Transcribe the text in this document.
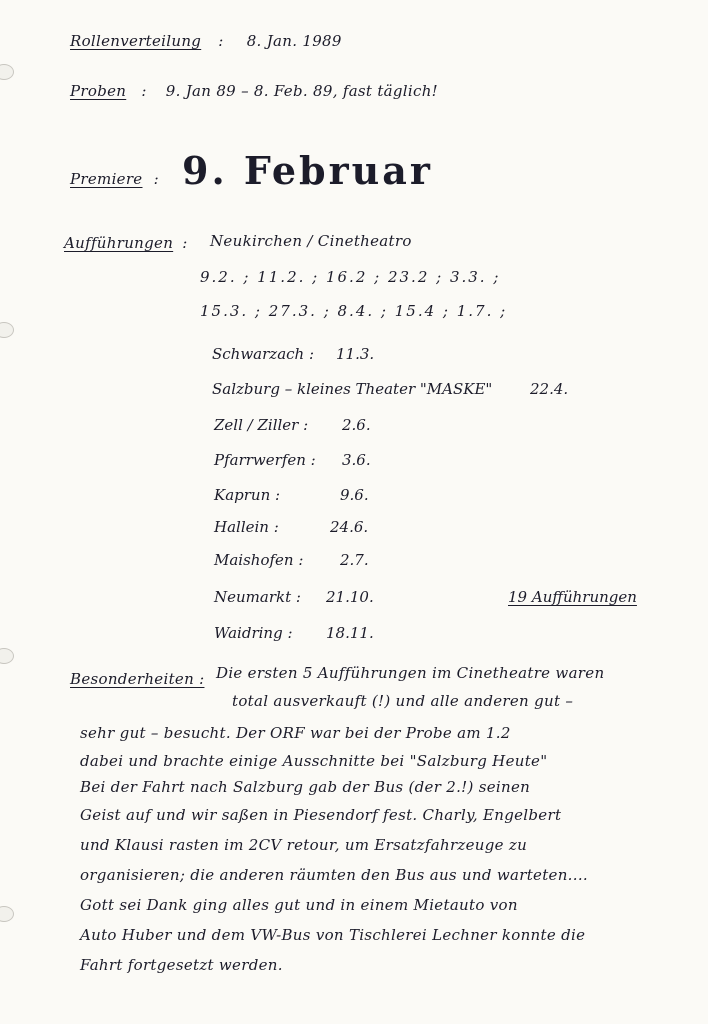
Rollenverteilung : 8. Jan. 1989
Proben : 9. Jan 89 – 8. Feb. 89, fast täglich!
Premiere : 9. Februar
Aufführungen : Neukirchen / Cinetheatro
9.2. ; 11.2. ; 16.2 ; 23.2 ; 3.3. ;
15.3. ; 27.3. ; 8.4. ; 15.4 ; 1.7. ;
Schwarzach : 11.3.
Salzburg – kleines Theater "MASKE"	22.4.
Zell / Ziller : 2.6.
Pfarrwerfen : 3.6.
Kaprun :	9.6.
Hallein :	24.6.
Maishofen : 2.7.
Neumarkt : 21.10.	19 Aufführungen
Waidring : 18.11.
Besonderheiten : Die ersten 5 Aufführungen im Cinetheatre waren
total ausverkauft (!) und alle anderen gut –
sehr gut – besucht. Der ORF war bei der Probe am 1.2
dabei und brachte einige Ausschnitte bei "Salzburg Heute"
Bei der Fahrt nach Salzburg gab der Bus (der 2.!) seinen
Geist auf und wir saßen in Piesendorf fest. Charly, Engelbert
und Klausi rasten im 2CV retour, um Ersatzfahrzeuge zu
organisieren; die anderen räumten den Bus aus und warteten....
Gott sei Dank ging alles gut und in einem Mietauto von
Auto Huber und dem VW-Bus von Tischlerei Lechner konnte die
Fahrt fortgesetzt werden.
